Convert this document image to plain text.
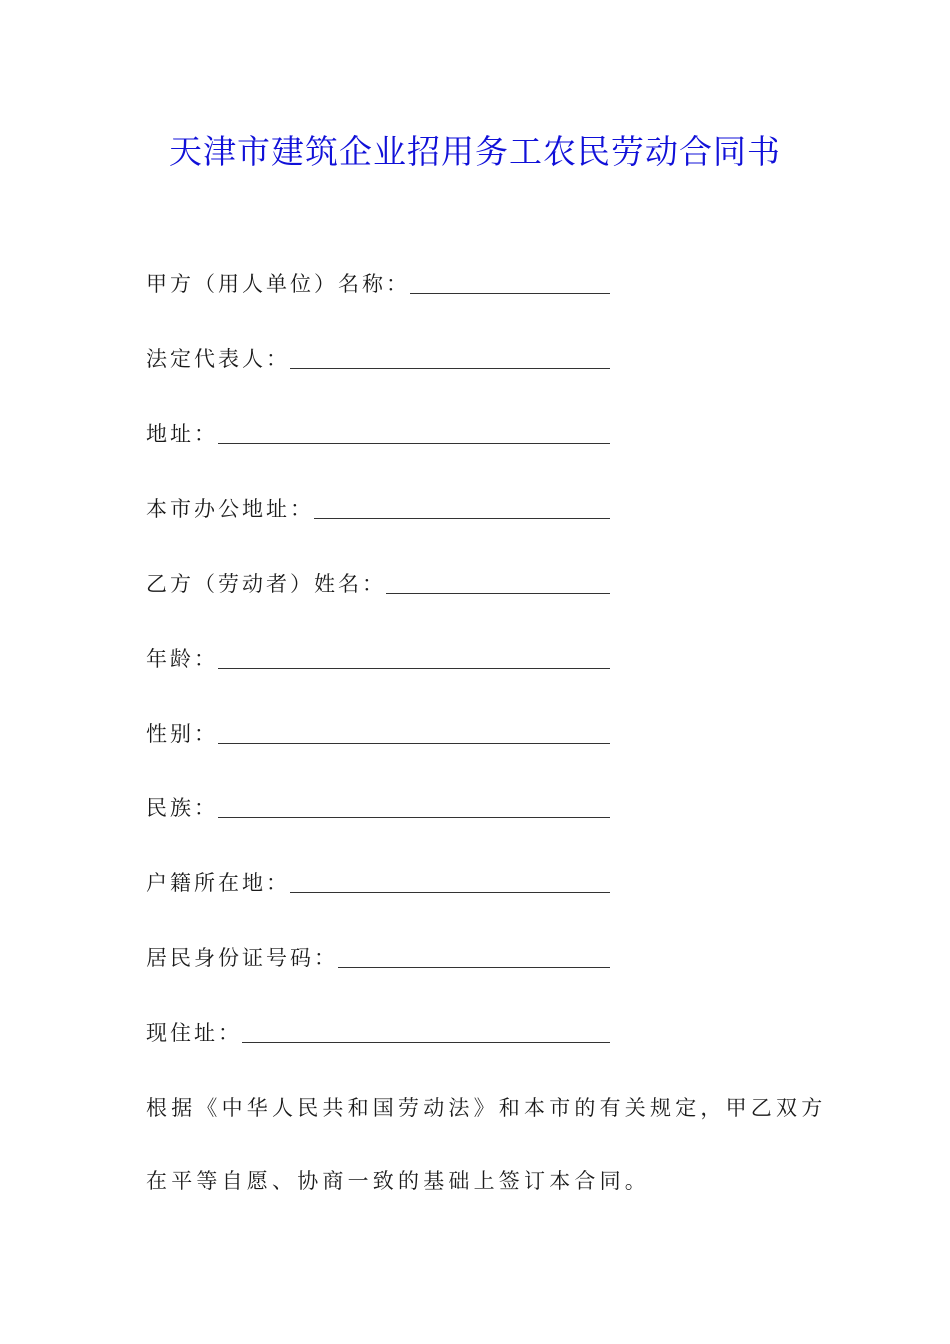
天津市建筑企业招用务工农民劳动合同书
甲方（用人单位）名称：
法定代表人：
地址：
本市办公地址：
乙方（劳动者）姓名：
年龄：
性别：
民族：
户籍所在地：
居民身份证号码：
现住址：

根据《中华人民共和国劳动法》和本市的有关规定，甲乙双方

在平等自愿、协商一致的基础上签订本合同。
